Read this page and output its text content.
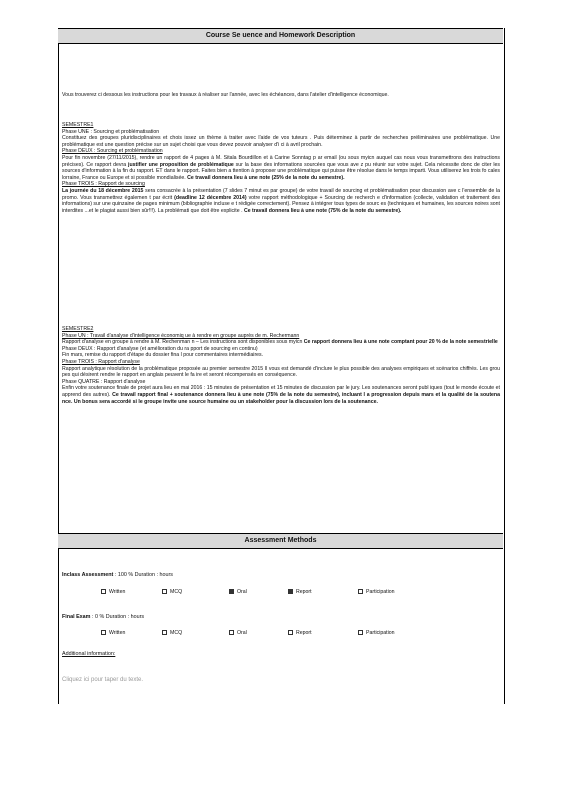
Course Se uence and Homework Description

Vous trouverez ci dessous les instructions pour les travaux à réaliser sur l'année, avec les échéances, dans l'atelier d'intelligence économique.

SEMESTRE1

Phase UNE : Sourcing et problématisation

Constituez des groupes pluridisciplinaires et chois issez un thème à traiter avec l'aide de vos tuteurs . Puis déterminez à partir de recherches préliminaires une problématique. Une problématique est une question précise sur un sujet choisi que vous devez pouvoir analyser d'i ci à avril prochain.

Phase DEUX : Sourcing et problématisation

Pour fin novembre (27/11/2015), rendre un rapport de 4 pages à M. Sitala Bourdillon et à Carine Sonntag p ar email (ou sous myicn auquel cas nous vous transmettrons des instructions précises). Ce rapport devra justifier une proposition de problématique sur la base des informations sourcées que vous ave z pu réunir sur votre sujet. Cela nécessite donc de citer les sources d'information à la fin du rapport. ET dans le rapport. Faites bien a ttention à proposer une problématique qui puisse être résolue dans le temps imparti. Vous utiliserez les trois fo cales lorraine, France ou Europe et si possible mondialisée. Ce travail donnera lieu à une note (25% de la note du semestre).

Phase TROIS : Rapport de sourcing

La journée du 18 décembre 2015 sera consacrée à la présentation (7 slides 7 minut es par groupe) de votre travail de sourcing et problématisation pour discussion ave c l'ensemble de la promo. Vous transmettrez égalemen t par écrit (deadline 12 décembre 2014) votre rapport méthodologique + Sourcing de recherch e d'information (collecte, validation et traitement des informations) sur une quinzaine de pages minimum (bibliographie incluse e t rédigée correctement). Pensez à intégrer tous types de sourc es (techniques et humaines, les sources noires sont interdites ...et le plagiat aussi bien sûr!!!). La problémati que doit être explicite . Ce travail donnera lieu à une note (75% de la note du semestre).

SEMESTRE2

Phase UN : Travail d'analyse d'intelligence économiq ue à rendre en groupe auprès de m. Rechermann

Rapport d'analyse en groupe à rendre à M. Rechenman n – Les instructions sont disponibles sous myicn Ce rapport donnera lieu à une note comptant pour 20 % de la note semestrielle

Phase DEUX : Rapport d'analyse (et amélioration du ra pport de sourcing en continu)

Fin mars, remise du rapport d'étape du dossier fina l pour commentaires intermédiaires.

Phase TROIS : Rapport d'analyse

Rapport analytique résolution de la problématique proposée au premier semestre 2015 Il vous est demandé d'inclure le plus possible des analyses empiriques et scénarios chiffrés. Les grou pes qui désirent rendre le rapport en anglais peuvent le fa ire et seront récompensés en conséquence.

Phase QUATRE : Rapport d'analyse

Enfin votre soutenance finale de projet aura lieu en mai 2016 : 15 minutes de présentation et 15 minutes de discussion par le jury. Les soutenances seront publ iques (tout le monde écoute et apprend des autres). Ce travail rapport final + soutenance donnera lieu à une note (75% de la note du semestre), incluant l a progression depuis mars et la qualité de la soutena nce. Un bonus sera accordé si le groupe invite une source humaine ou un stakeholder pour la discussion lors de la soutenance.

Assessment Methods
Inclass Assessment : 100 % Duration : hours
Written	MCQ	Oral	Report	Participation
Final Exam : 0 % Duration : hours
Written	MCQ	Oral	Report	Participation
Additional information:
Cliquez ici pour taper du texte.
